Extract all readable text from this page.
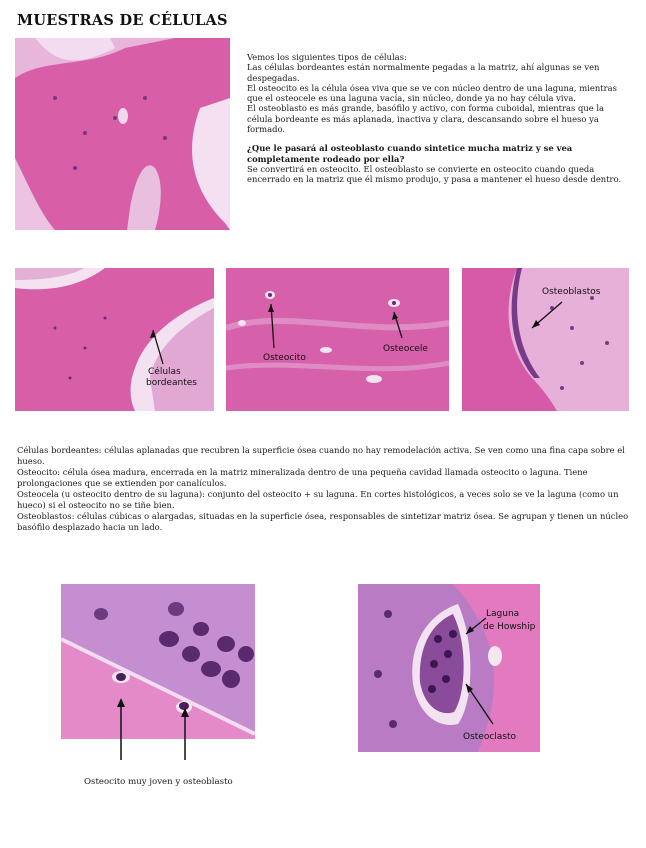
MUESTRAS DE CÉLULAS

Vemos los siguientes tipos de células:

Las células bordeantes están normalmente pegadas a la matriz, ahí algunas se ven despegadas.

El osteocito es la célula ósea viva que se ve con núcleo dentro de una laguna, mientras que el osteocele es una laguna vacía, sin núcleo, donde ya no hay célula viva.

El osteoblasto es más grande, basófilo y activo, con forma cuboidal, mientras que la célula bordeante es más aplanada, inactiva y clara, descansando sobre el hueso ya formado.

¿Que le pasará al osteoblasto cuando sintetice mucha matriz y se vea completamente rodeado por ella?

Se convertirá en osteocito. El osteoblasto se convierte en osteocito cuando queda encerrado en la matriz que él mismo produjo, y pasa a mantener el hueso desde dentro.

Células
bordeantes
Osteocito
Osteocele
Osteoblastos

Células bordeantes: células aplanadas que recubren la superficie ósea cuando no hay remodelación activa. Se ven como una fina capa sobre el hueso.

Osteocito: célula ósea madura, encerrada en la matriz mineralizada dentro de una pequeña cavidad llamada osteocito o laguna. Tiene prolongaciones que se extienden por canalículos.

Osteocela (u osteocito dentro de su laguna): conjunto del osteocito + su laguna. En cortes histológicos, a veces solo se ve la laguna (como un hueco) si el osteocito no se tiñe bien.

Osteoblastos: células cúbicas o alargadas, situadas en la superficie ósea, responsables de sintetizar matriz ósea. Se agrupan y tienen un núcleo basófilo desplazado hacia un lado.

Osteocito muy joven y osteoblasto
Laguna
de Howship
Osteoclasto
